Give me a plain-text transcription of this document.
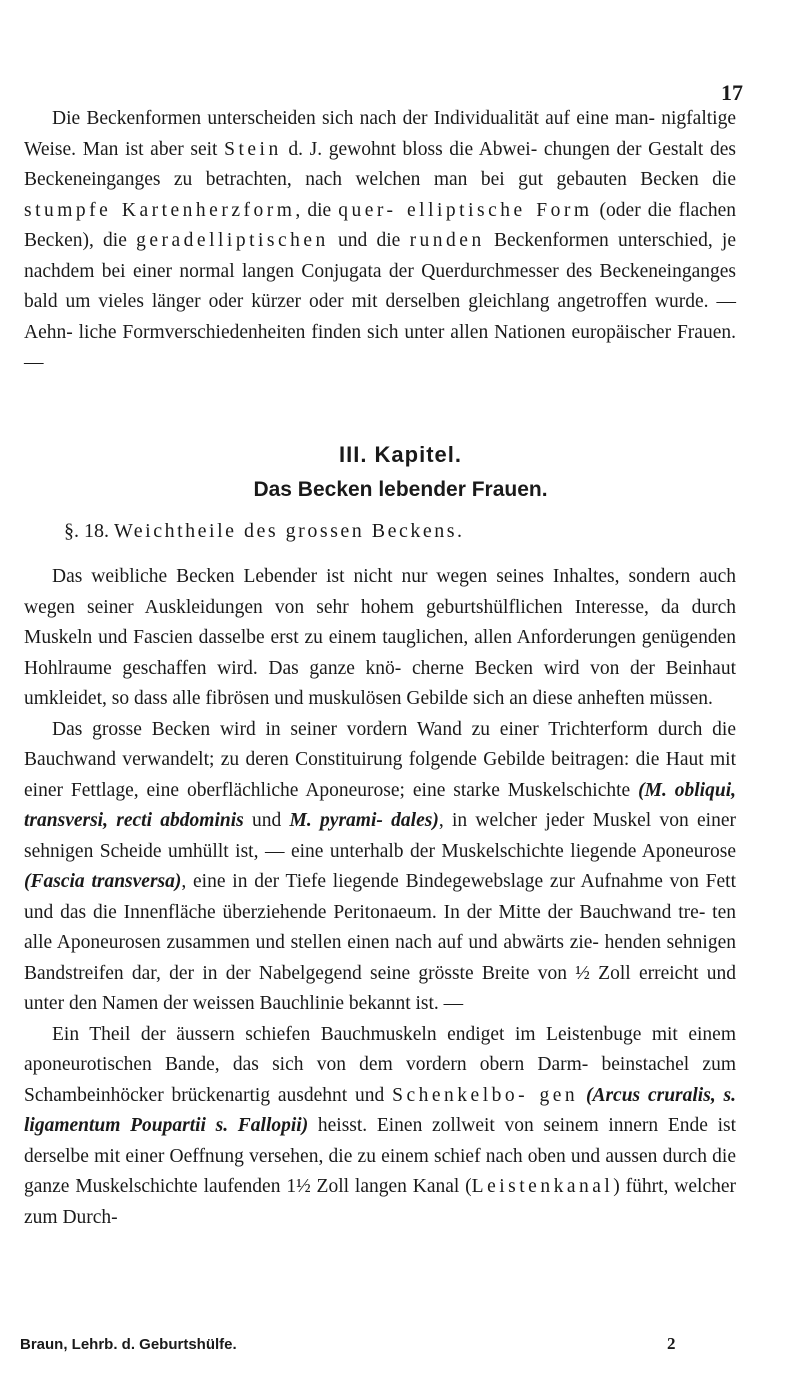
17

Die Beckenformen unterscheiden sich nach der Individualität auf eine man- nigfaltige Weise. Man ist aber seit Stein d. J. gewohnt bloss die Abwei- chungen der Gestalt des Beckeneinganges zu betrachten, nach welchen man bei gut gebauten Becken die stumpfe Kartenherzform, die quer- elliptische Form (oder die flachen Becken), die geradelliptischen und die runden Beckenformen unterschied, je nachdem bei einer normal langen Conjugata der Querdurchmesser des Beckeneinganges bald um vieles länger oder kürzer oder mit derselben gleichlang angetroffen wurde. — Aehn- liche Formverschiedenheiten finden sich unter allen Nationen europäischer Frauen. —

III. Kapitel.
Das Becken lebender Frauen.
§. 18. Weichtheile des grossen Beckens.

Das weibliche Becken Lebender ist nicht nur wegen seines Inhaltes, sondern auch wegen seiner Auskleidungen von sehr hohem geburtshülflichen Interesse, da durch Muskeln und Fascien dasselbe erst zu einem tauglichen, allen Anforderungen genügenden Hohlraume geschaffen wird. Das ganze knö- cherne Becken wird von der Beinhaut umkleidet, so dass alle fibrösen und muskulösen Gebilde sich an diese anheften müssen.

Das grosse Becken wird in seiner vordern Wand zu einer Trichterform durch die Bauchwand verwandelt; zu deren Constituirung folgende Gebilde beitragen: die Haut mit einer Fettlage, eine oberflächliche Aponeurose; eine starke Muskelschichte (M. obliqui, transversi, recti abdominis und M. pyrami- dales), in welcher jeder Muskel von einer sehnigen Scheide umhüllt ist, — eine unterhalb der Muskelschichte liegende Aponeurose (Fascia transversa), eine in der Tiefe liegende Bindegewebslage zur Aufnahme von Fett und das die Innenfläche überziehende Peritonaeum. In der Mitte der Bauchwand tre- ten alle Aponeurosen zusammen und stellen einen nach auf und abwärts zie- henden sehnigen Bandstreifen dar, der in der Nabelgegend seine grösste Breite von ½ Zoll erreicht und unter den Namen der weissen Bauchlinie bekannt ist. —

Ein Theil der äussern schiefen Bauchmuskeln endiget im Leistenbuge mit einem aponeurotischen Bande, das sich von dem vordern obern Darm- beinstachel zum Schambeinhöcker brückenartig ausdehnt und Schenkelbo- gen (Arcus cruralis, s. ligamentum Poupartii s. Fallopii) heisst. Einen zollweit von seinem innern Ende ist derselbe mit einer Oeffnung versehen, die zu einem schief nach oben und aussen durch die ganze Muskelschichte laufenden 1½ Zoll langen Kanal (Leistenkanal) führt, welcher zum Durch-

Braun, Lehrb. d. Geburtshülfe.	2
